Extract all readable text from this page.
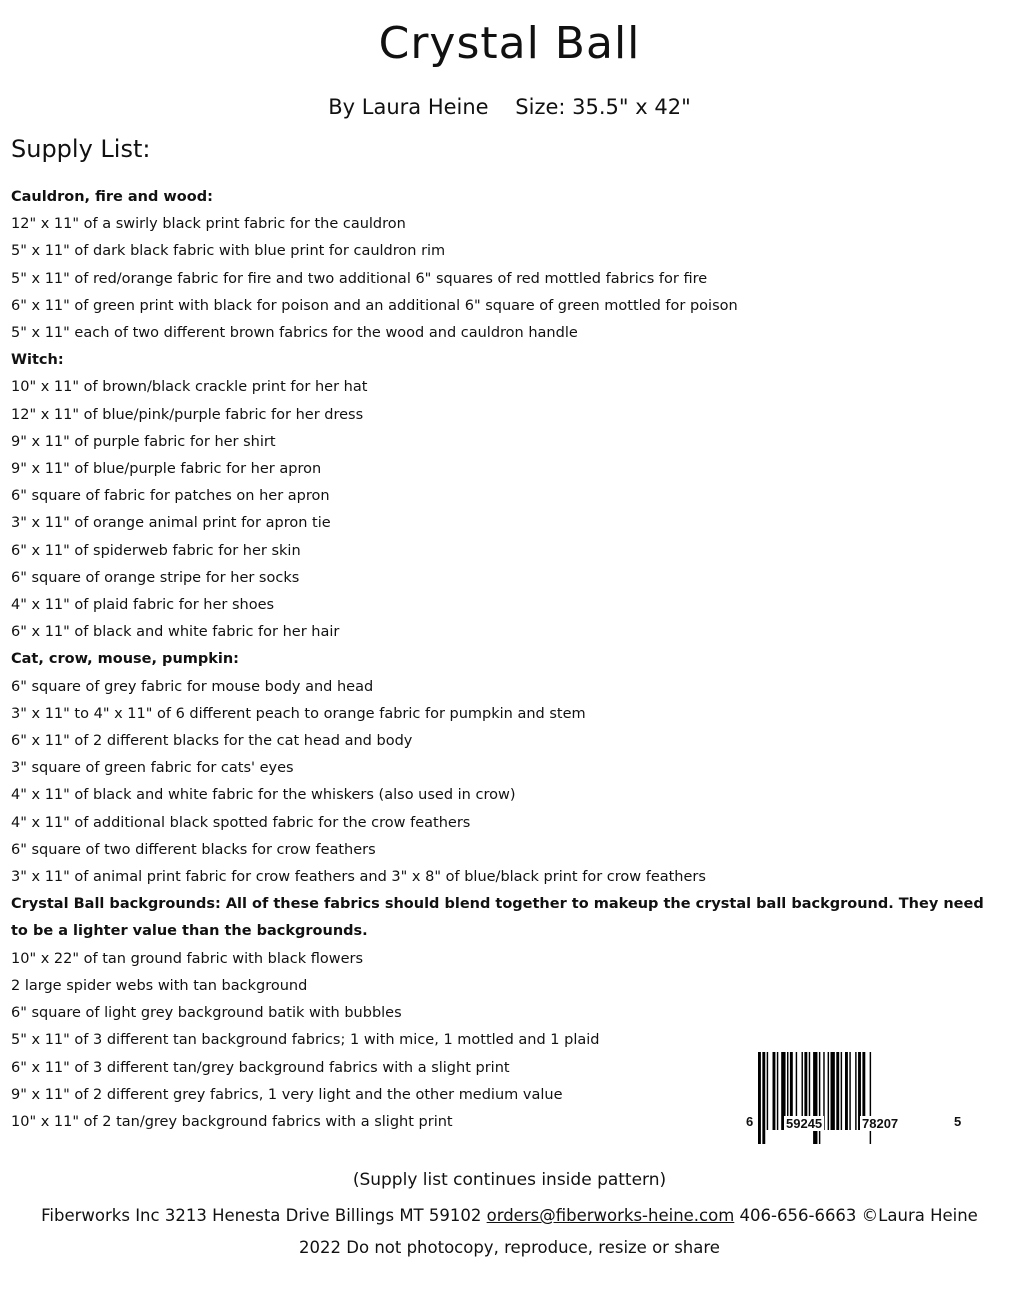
Crystal Ball
By Laura Heine Size: 35.5" x 42"
Supply List:
Cauldron, fire and wood:
12" x 11" of a swirly black print fabric for the cauldron
5" x 11" of dark black fabric with blue print for cauldron rim
5" x 11" of red/orange fabric for fire and two additional 6" squares of red mottled fabrics for fire
6" x 11" of green print with black for poison and an additional 6" square of green mottled for poison
5" x 11" each of two different brown fabrics for the wood and cauldron handle
Witch:
10" x 11" of brown/black crackle print for her hat
12" x 11" of blue/pink/purple fabric for her dress
9" x 11" of purple fabric for her shirt
9" x 11" of blue/purple fabric for her apron
6" square of fabric for patches on her apron
3" x 11" of orange animal print for apron tie
6" x 11" of spiderweb fabric for her skin
6" square of orange stripe for her socks
4" x 11" of plaid fabric for her shoes
6" x 11" of black and white fabric for her hair
Cat, crow, mouse, pumpkin:
6" square of grey fabric for mouse body and head
3" x 11" to 4" x 11" of 6 different peach to orange fabric for pumpkin and stem
6" x 11" of 2 different blacks for the cat head and body
3" square of green fabric for cats' eyes
4" x 11" of black and white fabric for the whiskers (also used in crow)
4" x 11" of additional black spotted fabric for the crow feathers
6" square of two different blacks for crow feathers
3" x 11" of animal print fabric for crow feathers and 3" x 8" of blue/black print for crow feathers
Crystal Ball backgrounds: All of these fabrics should blend together to makeup the crystal ball background. They need to be a lighter value than the backgrounds.
10" x 22" of tan ground fabric with black flowers
2 large spider webs with tan background
6" square of light grey background batik with bubbles
5" x 11" of 3 different tan background fabrics; 1 with mice, 1 mottled and 1 plaid
6" x 11" of 3 different tan/grey background fabrics with a slight print
9" x 11" of 2 different grey fabrics, 1 very light and the other medium value
10" x 11" of 2 tan/grey background fabrics with a slight print	6	59245	78207	5
(Supply list continues inside pattern)
Fiberworks Inc 3213 Henesta Drive Billings MT 59102 orders@fiberworks-heine.com 406-656-6663 ©Laura Heine 2022 Do not photocopy, reproduce, resize or share
